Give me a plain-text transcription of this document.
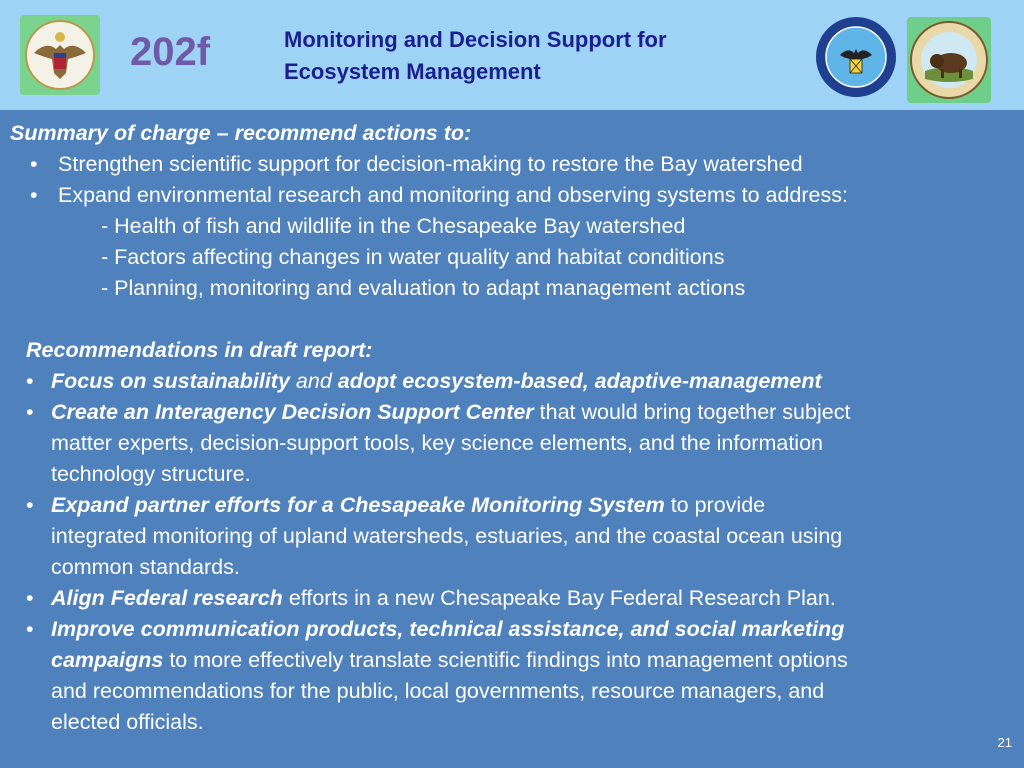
202f	Monitoring and Decision Support for
Ecosystem Management
Summary of charge – recommend actions to:
• Strengthen scientific support for decision-making to restore the Bay watershed
• Expand environmental research and monitoring and observing systems to address:
- Health of fish and wildlife in the Chesapeake Bay watershed
- Factors affecting changes in water quality and habitat conditions
- Planning, monitoring and evaluation to adapt management actions
Recommendations in draft report:
• Focus on sustainability and adopt ecosystem-based, adaptive-management
• Create an Interagency Decision Support Center that would bring together subject
matter experts, decision-support tools, key science elements, and the information
technology structure.
• Expand partner efforts for a Chesapeake Monitoring System to provide
integrated monitoring of upland watersheds, estuaries, and the coastal ocean using
common standards.
• Align Federal research efforts in a new Chesapeake Bay Federal Research Plan.
• Improve communication products, technical assistance, and social marketing
campaigns to more effectively translate scientific findings into management options
and recommendations for the public, local governments, resource managers, and
elected officials.
21
